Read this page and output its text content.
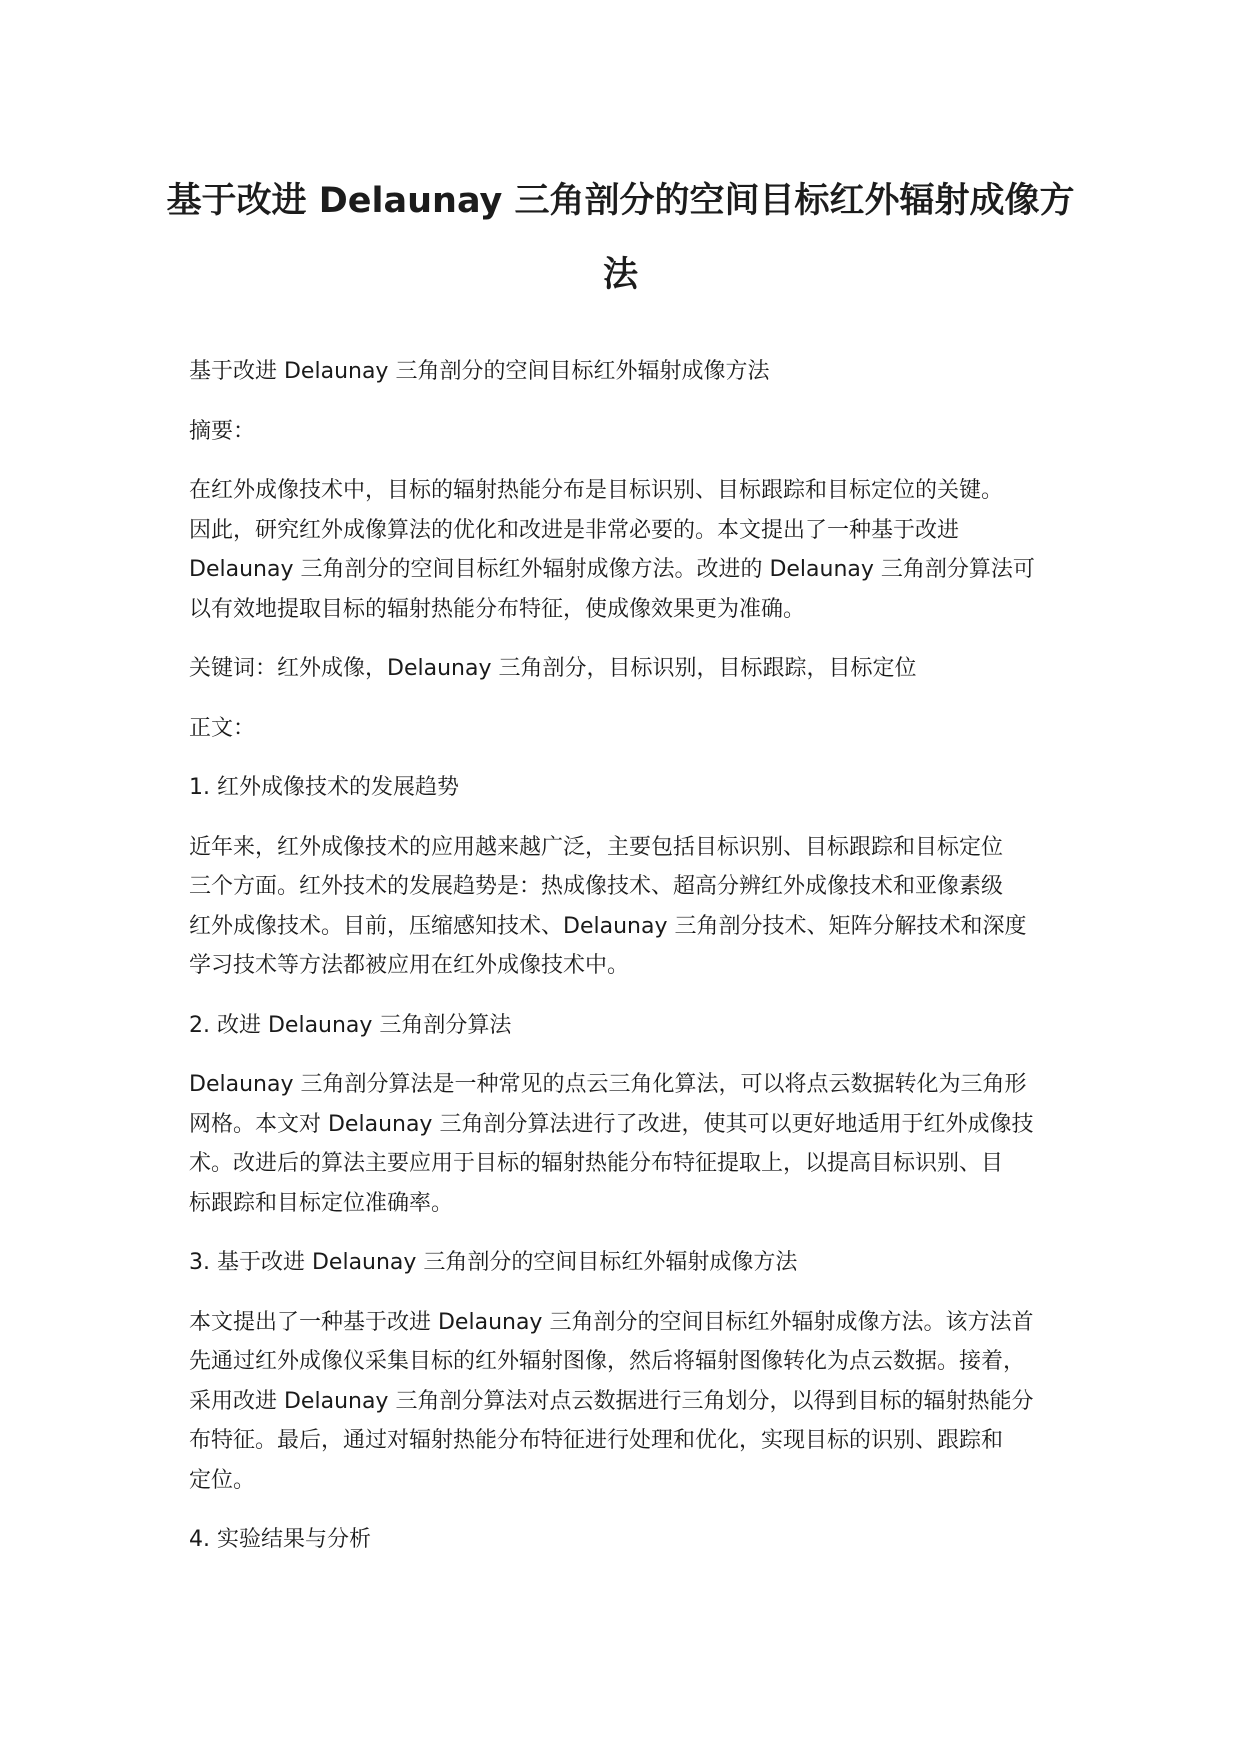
基于改进 Delaunay 三角剖分的空间目标红外辐射成像方
法
基于改进 Delaunay 三角剖分的空间目标红外辐射成像方法
摘要：
在红外成像技术中，目标的辐射热能分布是目标识别、目标跟踪和目标定位的关键。
因此，研究红外成像算法的优化和改进是非常必要的。本文提出了一种基于改进
Delaunay 三角剖分的空间目标红外辐射成像方法。改进的 Delaunay 三角剖分算法可
以有效地提取目标的辐射热能分布特征，使成像效果更为准确。
关键词：红外成像，Delaunay 三角剖分，目标识别，目标跟踪，目标定位
正文：
1. 红外成像技术的发展趋势
近年来，红外成像技术的应用越来越广泛，主要包括目标识别、目标跟踪和目标定位
三个方面。红外技术的发展趋势是：热成像技术、超高分辨红外成像技术和亚像素级
红外成像技术。目前，压缩感知技术、Delaunay 三角剖分技术、矩阵分解技术和深度
学习技术等方法都被应用在红外成像技术中。
2. 改进 Delaunay 三角剖分算法
Delaunay 三角剖分算法是一种常见的点云三角化算法，可以将点云数据转化为三角形
网格。本文对 Delaunay 三角剖分算法进行了改进，使其可以更好地适用于红外成像技
术。改进后的算法主要应用于目标的辐射热能分布特征提取上，以提高目标识别、目
标跟踪和目标定位准确率。
3. 基于改进 Delaunay 三角剖分的空间目标红外辐射成像方法
本文提出了一种基于改进 Delaunay 三角剖分的空间目标红外辐射成像方法。该方法首
先通过红外成像仪采集目标的红外辐射图像，然后将辐射图像转化为点云数据。接着，
采用改进 Delaunay 三角剖分算法对点云数据进行三角划分，以得到目标的辐射热能分
布特征。最后，通过对辐射热能分布特征进行处理和优化，实现目标的识别、跟踪和
定位。
4. 实验结果与分析
